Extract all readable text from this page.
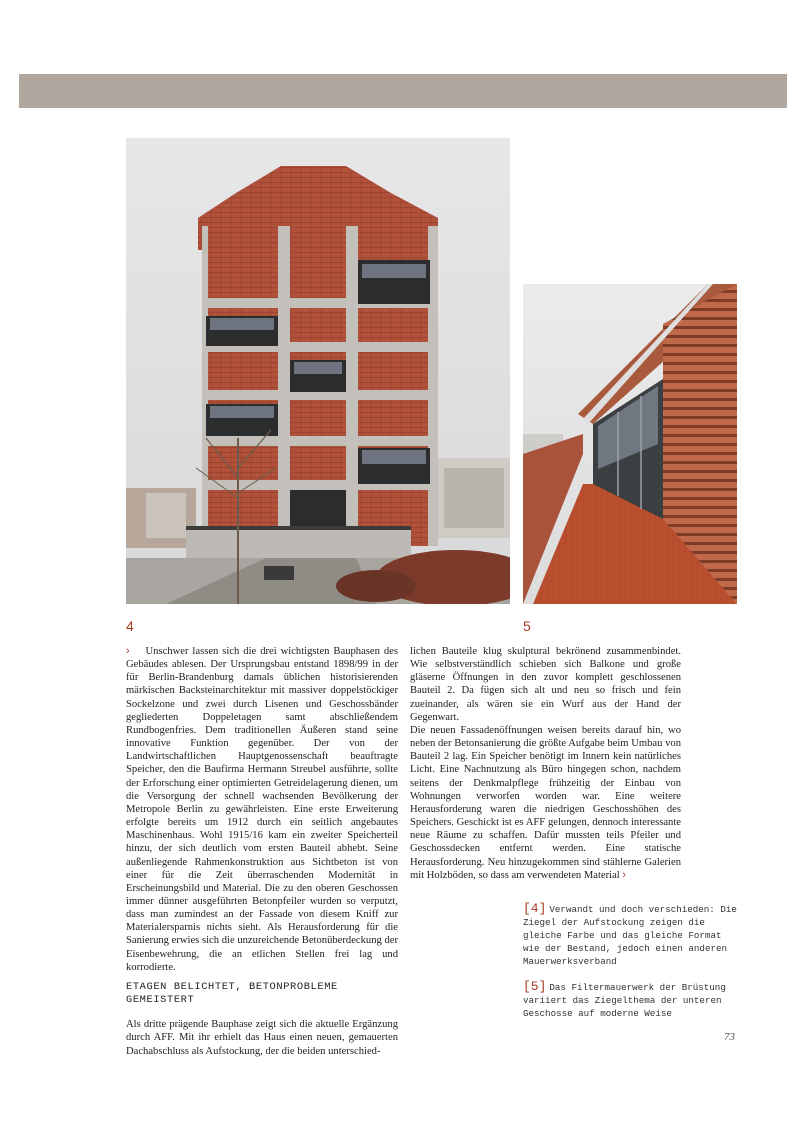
4	5

› Unschwer lassen sich die drei wichtigsten Bauphasen des Gebäudes ablesen. Der Ursprungsbau entstand 1898/99 in der für Berlin-Brandenburg damals üblichen historisierenden märkischen Backsteinarchitektur mit massiver doppelstöckiger Sockelzone und zwei durch Lisenen und Geschossbänder gegliederten Doppeletagen samt abschließendem Rundbogenfries. Dem traditionellen Äußeren stand seine innovative Funktion gegenüber. Der von der Landwirtschaftlichen Hauptgenossenschaft beauftragte Speicher, den die Baufirma Hermann Streubel ausführte, sollte der Erforschung einer optimierten Getreidelagerung dienen, um die Versorgung der schnell wachsenden Bevölkerung der Metropole Berlin zu gewährleisten. Eine erste Erweiterung erfolgte bereits um 1912 durch ein seitlich angebautes Maschinenhaus. Wohl 1915/16 kam ein zweiter Speicherteil hinzu, der sich deutlich vom ersten Bauteil abhebt. Seine außenliegende Rahmenkonstruktion aus Sichtbeton ist von einer für die Zeit überraschenden Modernität in Erscheinungsbild und Material. Die zu den oberen Geschossen immer dünner ausgeführten Betonpfeiler wurden so verputzt, dass man zumindest an der Fassade von diesem Kniff zur Materialersparnis nichts sieht. Als Herausforderung für die Sanierung erwies sich die unzureichende Betonüberdeckung der Eisenbewehrung, die an etlichen Stellen frei lag und korrodierte.

ETAGEN BELICHTET, BETONPROBLEME GEMEISTERT

Als dritte prägende Bauphase zeigt sich die aktuelle Ergänzung durch AFF. Mit ihr erhielt das Haus einen neuen, gemauerten Dachabschluss als Aufstockung, der die beiden unterschied-

lichen Bauteile klug skulptural bekrönend zusammenbindet. Wie selbstverständlich schieben sich Balkone und große gläserne Öffnungen in den zuvor komplett geschlossenen Bauteil 2. Da fügen sich alt und neu so frisch und fein zueinander, als wären sie ein Wurf aus der Hand der Gegenwart.

Die neuen Fassadenöffnungen weisen bereits darauf hin, wo neben der Betonsanierung die größte Aufgabe beim Umbau von Bauteil 2 lag. Ein Speicher benötigt im Innern kein natürliches Licht. Eine Nachnutzung als Büro hingegen schon, nachdem seitens der Denkmalpflege frühzeitig der Einbau von Wohnungen verworfen worden war. Eine weitere Herausforderung waren die niedrigen Geschosshöhen des Speichers. Geschickt ist es AFF gelungen, dennoch interessante neue Räume zu schaffen. Dafür mussten teils Pfeiler und Geschossdecken entfernt werden. Eine statische Herausforderung. Neu hinzugekommen sind stählerne Galerien mit Holzböden, so dass am verwendeten Material ›

[4] Verwandt und doch verschieden: Die Ziegel der Aufstockung zeigen die gleiche Farbe und das gleiche Format wie der Bestand, jedoch einen anderen Mauerwerksverband
[5] Das Filtermauerwerk der Brüstung variiert das Ziegelthema der unteren Geschosse auf moderne Weise
73
